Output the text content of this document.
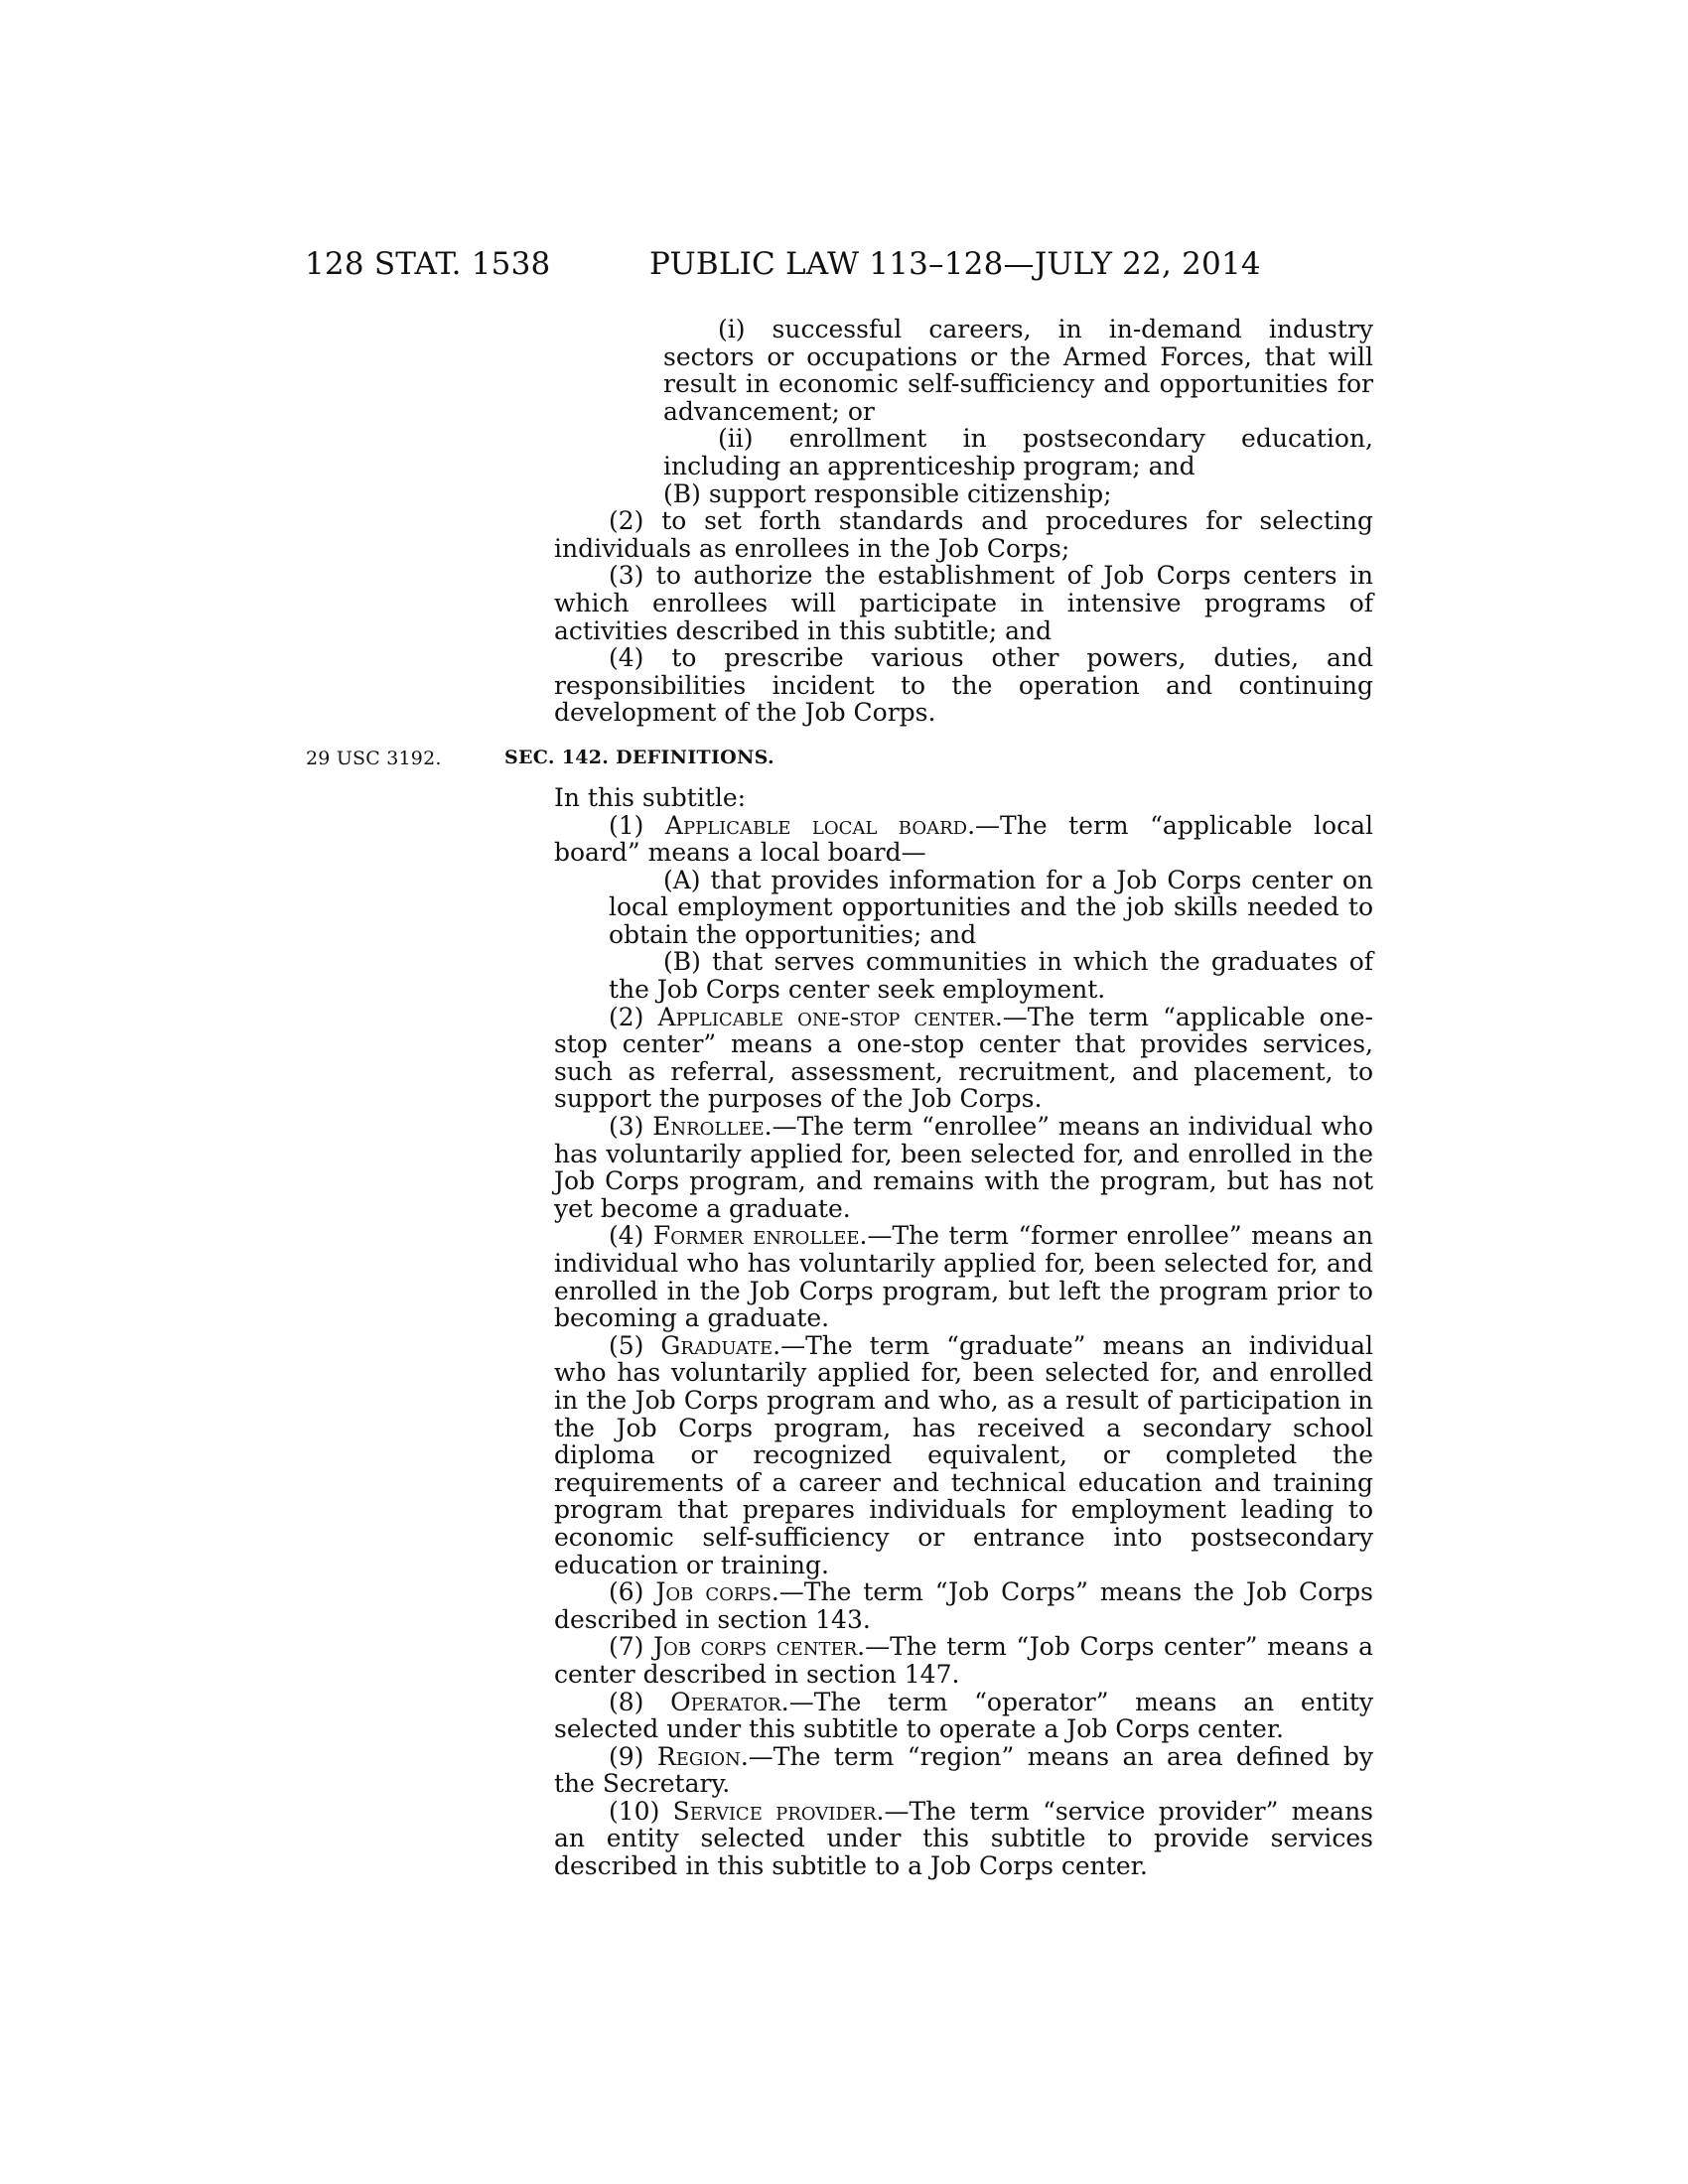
128 STAT. 1538	PUBLIC LAW 113–128—JULY 22, 2014
29 USC 3192.	SEC. 142. DEFINITIONS.

(i) successful careers, in in-demand industry sectors or occupations or the Armed Forces, that will result in economic self-sufficiency and opportunities for advancement; or

(ii) enrollment in postsecondary education, including an apprenticeship program; and

(B) support responsible citizenship;

(2) to set forth standards and procedures for selecting individuals as enrollees in the Job Corps;

(3) to authorize the establishment of Job Corps centers in which enrollees will participate in intensive programs of activities described in this subtitle; and

(4) to prescribe various other powers, duties, and responsibilities incident to the operation and continuing development of the Job Corps.

In this subtitle:

(1) Applicable local board.—The term “applicable local board” means a local board—

(A) that provides information for a Job Corps center on local employment opportunities and the job skills needed to obtain the opportunities; and

(B) that serves communities in which the graduates of the Job Corps center seek employment.

(2) Applicable one-stop center.—The term “applicable one-stop center” means a one-stop center that provides services, such as referral, assessment, recruitment, and placement, to support the purposes of the Job Corps.

(3) Enrollee.—The term “enrollee” means an individual who has voluntarily applied for, been selected for, and enrolled in the Job Corps program, and remains with the program, but has not yet become a graduate.

(4) Former enrollee.—The term “former enrollee” means an individual who has voluntarily applied for, been selected for, and enrolled in the Job Corps program, but left the program prior to becoming a graduate.

(5) Graduate.—The term “graduate” means an individual who has voluntarily applied for, been selected for, and enrolled in the Job Corps program and who, as a result of participation in the Job Corps program, has received a secondary school diploma or recognized equivalent, or completed the requirements of a career and technical education and training program that prepares individuals for employment leading to economic self-sufficiency or entrance into postsecondary education or training.

(6) Job corps.—The term “Job Corps” means the Job Corps described in section 143.

(7) Job corps center.—The term “Job Corps center” means a center described in section 147.

(8) Operator.—The term “operator” means an entity selected under this subtitle to operate a Job Corps center.

(9) Region.—The term “region” means an area defined by the Secretary.

(10) Service provider.—The term “service provider” means an entity selected under this subtitle to provide services described in this subtitle to a Job Corps center.
